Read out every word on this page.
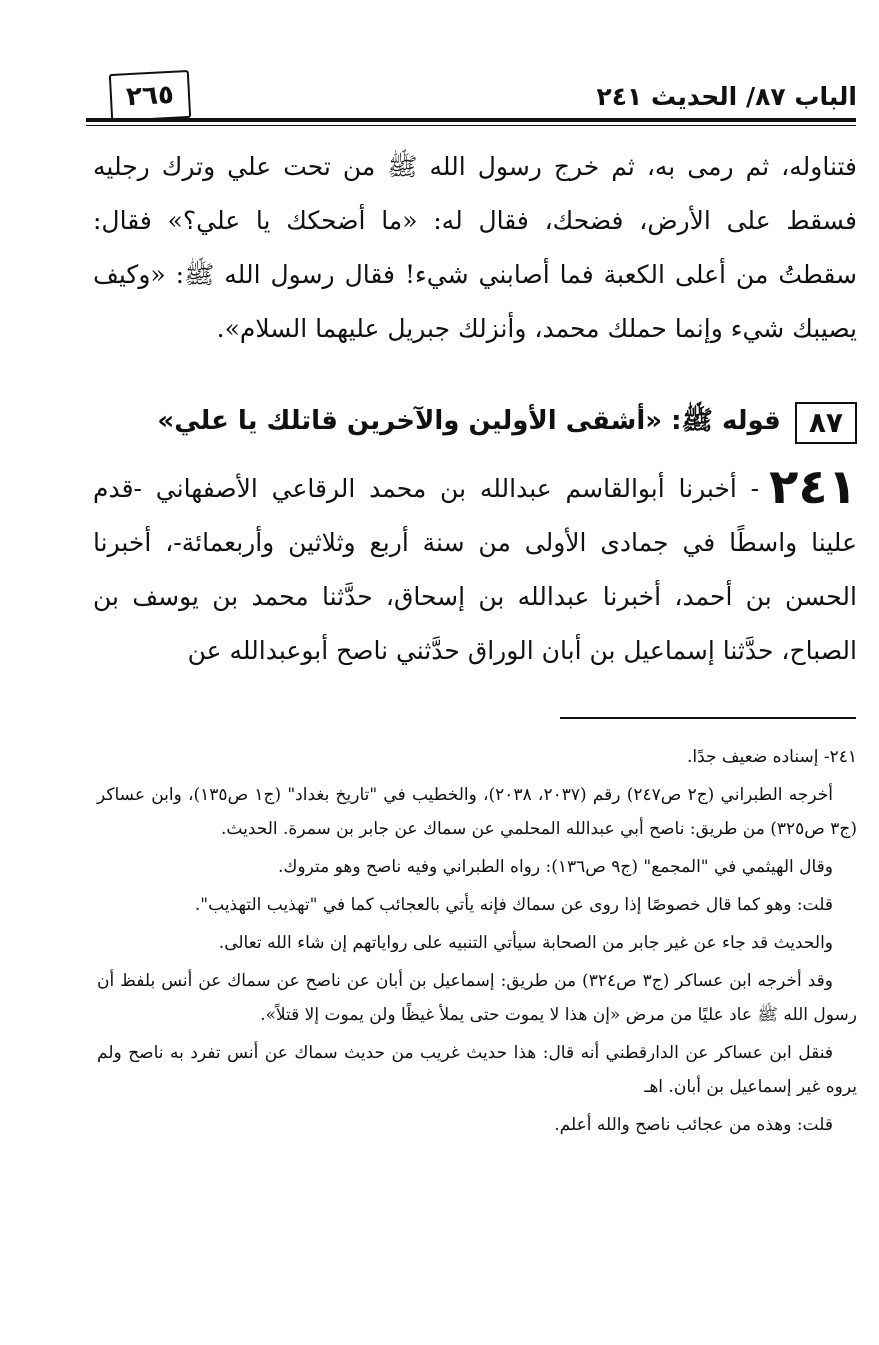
الباب ٨٧/ الحديث ٢٤١
٢٦٥
فتناوله، ثم رمى به، ثم خرج رسول الله ﷺ من تحت علي وترك رجليه فسقط على الأرض، فضحك، فقال له: «ما أضحكك يا علي؟» فقال: سقطتُ من أعلى الكعبة فما أصابني شيء! فقال رسول الله ﷺ: «وكيف يصيبك شيء وإنما حملك محمد، وأنزلك جبريل عليهما السلام».
٨٧
قوله ﷺ: «أشقى الأولين والآخرين قاتلك يا علي»
٢٤١- أخبرنا أبوالقاسم عبدالله بن محمد الرقاعي الأصفهاني -قدم علينا واسطًا في جمادى الأولى من سنة أربع وثلاثين وأربعمائة-، أخبرنا الحسن بن أحمد، أخبرنا عبدالله بن إسحاق، حدَّثنا محمد بن يوسف بن الصباح، حدَّثنا إسماعيل بن أبان الوراق حدَّثني ناصح أبوعبدالله عن

٢٤١- إسناده ضعيف جدًا.

أخرجه الطبراني (ج٢ ص٢٤٧) رقم (٢٠٣٧، ٢٠٣٨)، والخطيب في "تاريخ بغداد" (ج١ ص١٣٥)، وابن عساكر (ج٣ ص٣٢٥) من طريق: ناصح أبي عبدالله المحلمي عن سماك عن جابر بن سمرة. الحديث.

وقال الهيثمي في "المجمع" (ج٩ ص١٣٦): رواه الطبراني وفيه ناصح وهو متروك.

قلت: وهو كما قال خصوصًا إذا روى عن سماك فإنه يأتي بالعجائب كما في "تهذيب التهذيب".

والحديث قد جاء عن غير جابر من الصحابة سيأتي التنبيه على رواياتهم إن شاء الله تعالى.

وقد أخرجه ابن عساكر (ج٣ ص٣٢٤) من طريق: إسماعيل بن أبان عن ناصح عن سماك عن أنس بلفظ أن رسول الله ﷺ عاد عليًا من مرض «إن هذا لا يموت حتى يملأ غيظًا ولن يموت إلا قتلاً».

فنقل ابن عساكر عن الدارقطني أنه قال: هذا حديث غريب من حديث سماك عن أنس تفرد به ناصح ولم يروه غير إسماعيل بن أبان. اهـ

قلت: وهذه من عجائب ناصح والله أعلم.
